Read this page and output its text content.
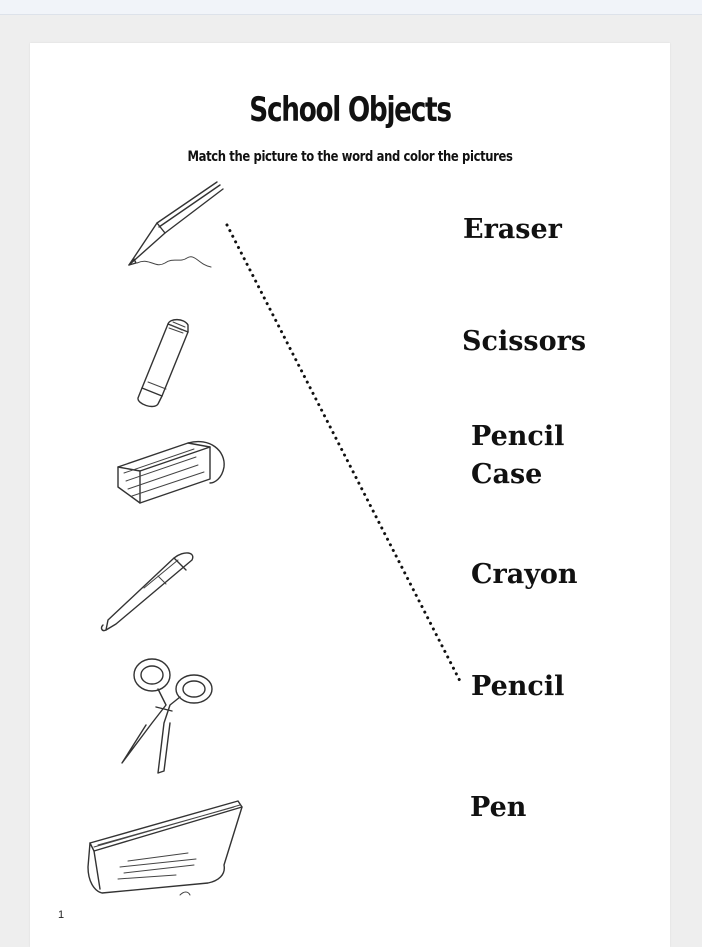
School Objects
Match the picture to the word and color the pictures
Eraser
Scissors
Pencil
Case
Crayon
Pencil
Pen
1
